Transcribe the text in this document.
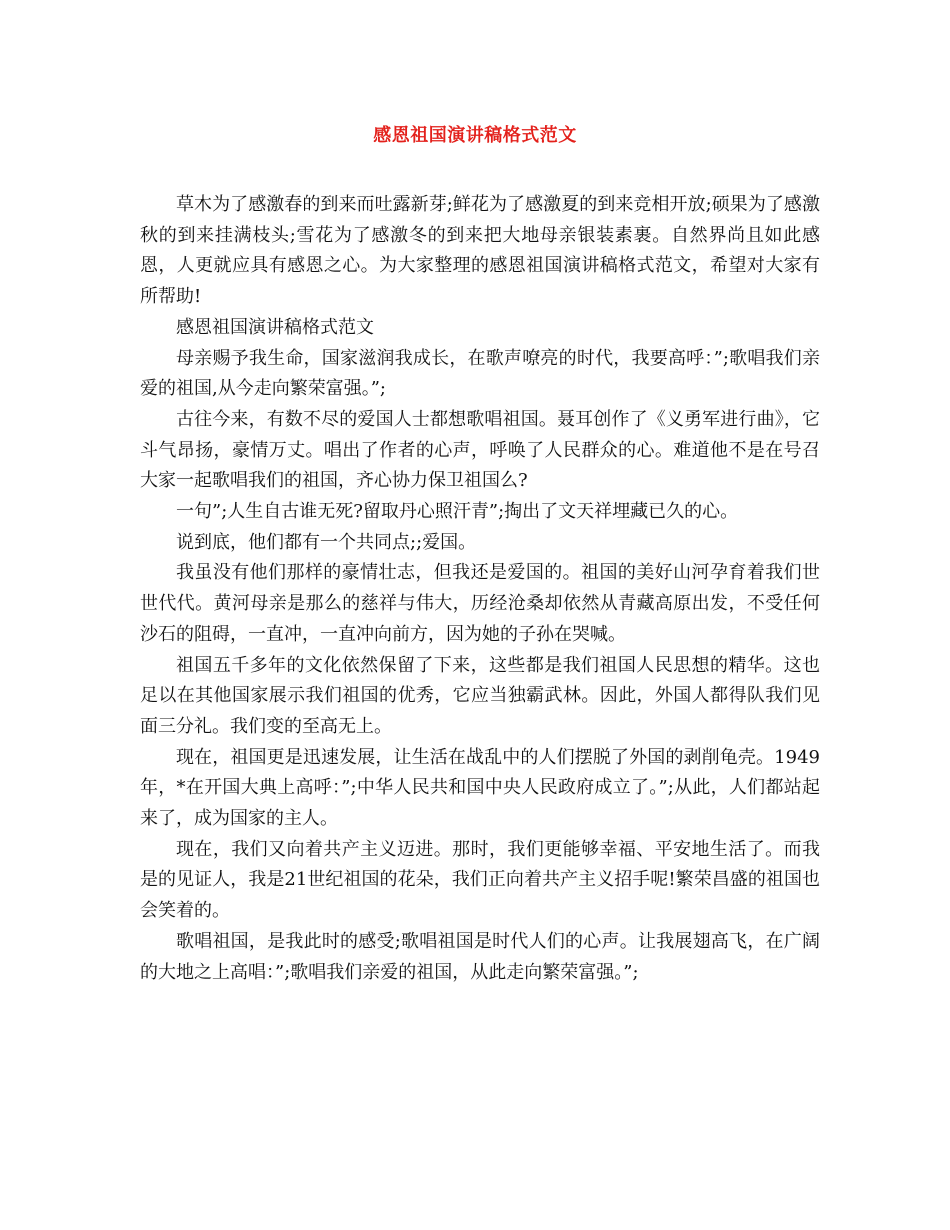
感恩祖国演讲稿格式范文

草木为了感激春的到来而吐露新芽;鲜花为了感激夏的到来竞相开放;硕果为了感激秋的到来挂满枝头;雪花为了感激冬的到来把大地母亲银装素裹。自然界尚且如此感恩，人更就应具有感恩之心。为大家整理的感恩祖国演讲稿格式范文，希望对大家有所帮助!

感恩祖国演讲稿格式范文

母亲赐予我生命，国家滋润我成长，在歌声嘹亮的时代，我要高呼：”;歌唱我们亲爱的祖国,从今走向繁荣富强。”;

古往今来，有数不尽的爱国人士都想歌唱祖国。聂耳创作了《义勇军进行曲》，它斗气昂扬，豪情万丈。唱出了作者的心声，呼唤了人民群众的心。难道他不是在号召大家一起歌唱我们的祖国，齐心协力保卫祖国么?

一句”;人生自古谁无死?留取丹心照汗青”;掏出了文天祥埋藏已久的心。

说到底，他们都有一个共同点;;爱国。

我虽没有他们那样的豪情壮志，但我还是爱国的。祖国的美好山河孕育着我们世世代代。黄河母亲是那么的慈祥与伟大，历经沧桑却依然从青藏高原出发，不受任何沙石的阻碍，一直冲，一直冲向前方，因为她的子孙在哭喊。

祖国五千多年的文化依然保留了下来，这些都是我们祖国人民思想的精华。这也足以在其他国家展示我们祖国的优秀，它应当独霸武林。因此，外国人都得队我们见面三分礼。我们变的至高无上。

现在，祖国更是迅速发展，让生活在战乱中的人们摆脱了外国的剥削龟壳。1949年，*在开国大典上高呼：”;中华人民共和国中央人民政府成立了。”;从此，人们都站起来了，成为国家的主人。

现在，我们又向着共产主义迈进。那时，我们更能够幸福、平安地生活了。而我是的见证人，我是21世纪祖国的花朵，我们正向着共产主义招手呢!繁荣昌盛的祖国也会笑着的。

歌唱祖国，是我此时的感受;歌唱祖国是时代人们的心声。让我展翅高飞，在广阔的大地之上高唱：”;歌唱我们亲爱的祖国，从此走向繁荣富强。”;
